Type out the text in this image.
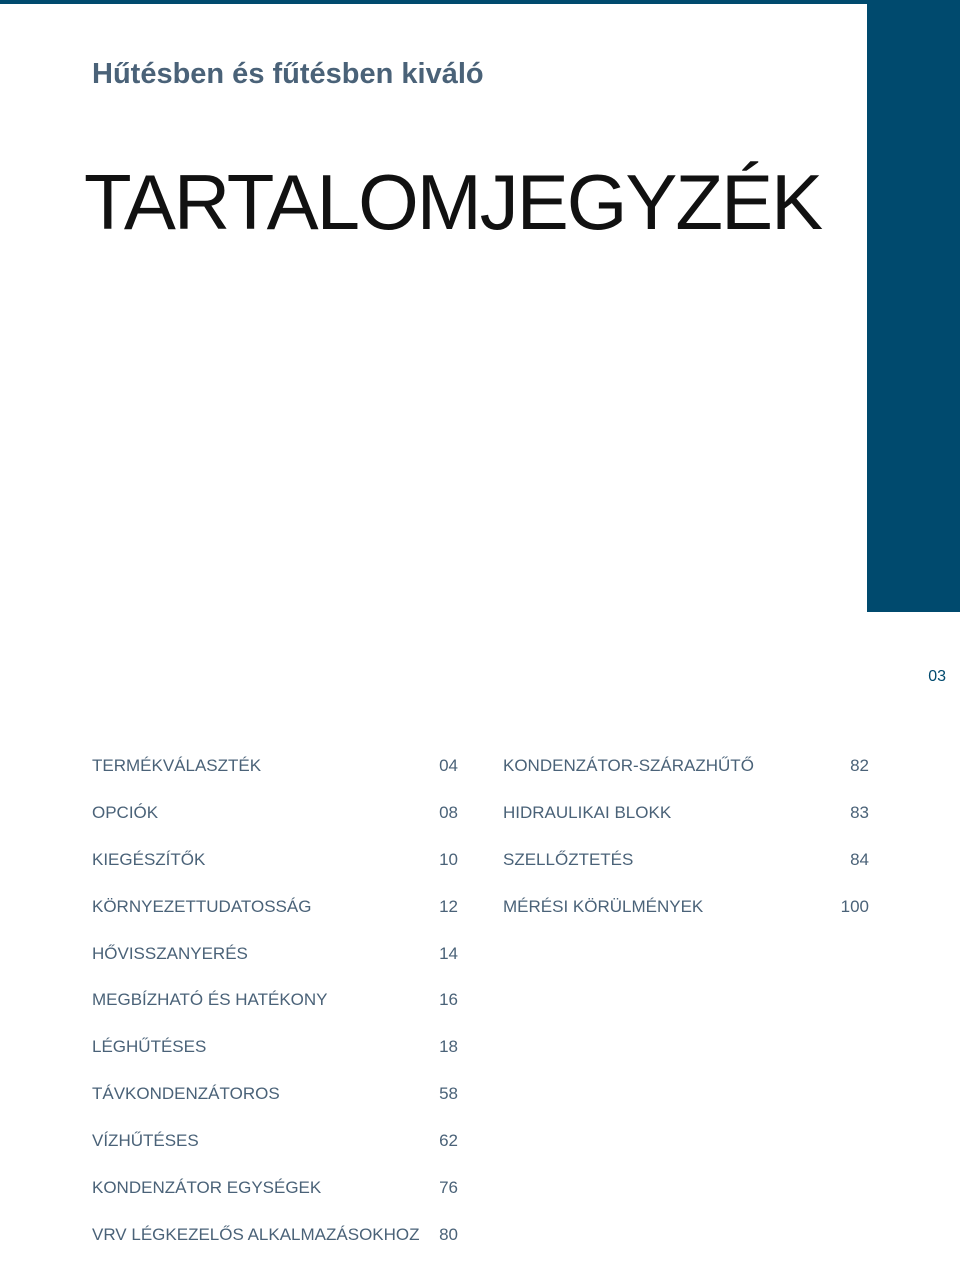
Hűtésben és fűtésben kiváló
TARTALOMJEGYZÉK
03
TERMÉKVÁLASZTÉK	04
OPCIÓK	08
KIEGÉSZÍTŐK	10
KÖRNYEZETTUDATOSSÁG	12
HŐVISSZANYERÉS	14
MEGBÍZHATÓ ÉS HATÉKONY	16
LÉGHŰTÉSES	18
TÁVKONDENZÁTOROS	58
VÍZHŰTÉSES	62
KONDENZÁTOR EGYSÉGEK	76
VRV LÉGKEZELŐS ALKALMAZÁSOKHOZ 80
KONDENZÁTOR-SZÁRAZHŰTŐ	82
HIDRAULIKAI BLOKK	83
SZELLŐZTETÉS	84
MÉRÉSI KÖRÜLMÉNYEK	100
